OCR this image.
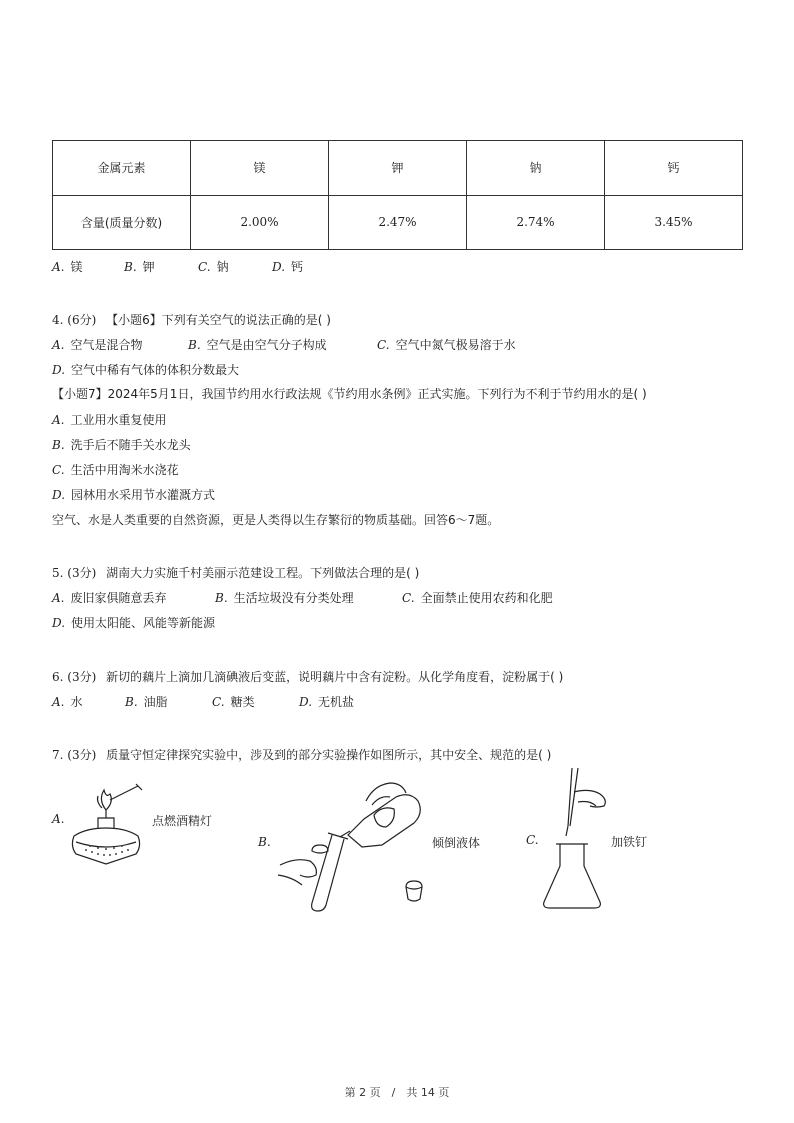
金属元素	镁	钾	钠	钙
含量(质量分数)	2.00%	2.47%	2.74%	3.45%
A. 镁	B. 钾	C. 钠	D. 钙
4. (6分) 【小题6】下列有关空气的说法正确的是( )
A. 空气是混合物	B. 空气是由空气分子构成	C. 空气中氮气极易溶于水
D. 空气中稀有气体的体积分数最大
【小题7】2024年5月1日，我国节约用水行政法规《节约用水条例》正式实施。下列行为不利于节约用水的是( )
A. 工业用水重复使用
B. 洗手后不随手关水龙头
C. 生活中用淘米水浇花
D. 园林用水采用节水灌溉方式
空气、水是人类重要的自然资源，更是人类得以生存繁衍的物质基础。回答6～7题。
5. (3分) 湖南大力实施千村美丽示范建设工程。下列做法合理的是( )
A. 废旧家俱随意丢弃	B. 生活垃圾没有分类处理	C. 全面禁止使用农药和化肥
D. 使用太阳能、风能等新能源
6. (3分) 新切的藕片上滴加几滴碘液后变蓝，说明藕片中含有淀粉。从化学角度看，淀粉属于( )
A. 水	B. 油脂	C. 糖类	D. 无机盐
7. (3分) 质量守恒定律探究实验中，涉及到的部分实验操作如图所示，其中安全、规范的是( )
A.	点燃酒精灯
B.	倾倒液体	C.	加铁钉
第 2 页　/　共 14 页
